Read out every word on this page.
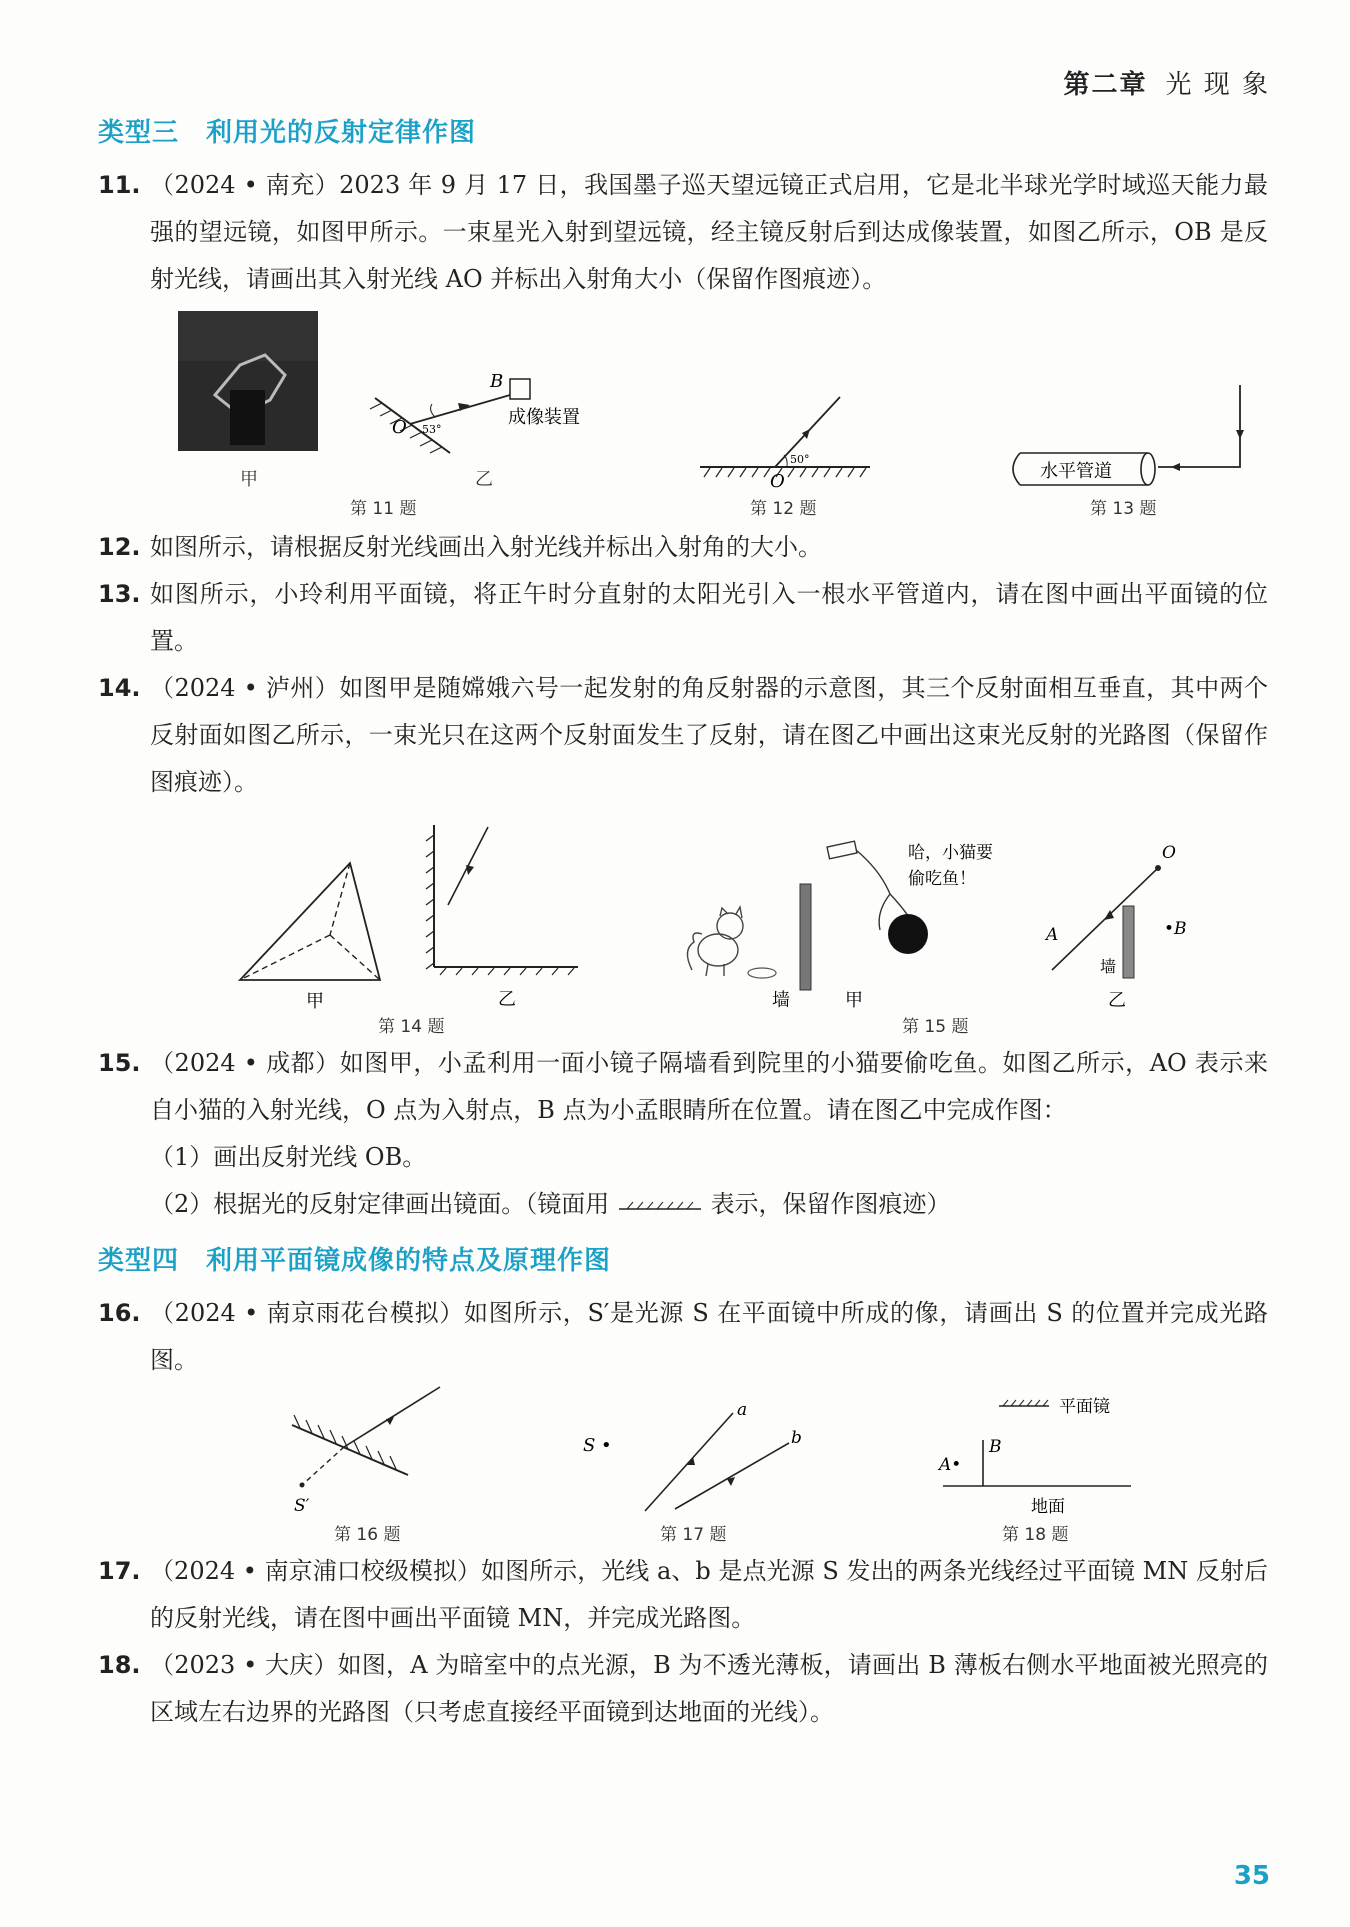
第二章 光 现 象
类型三　利用光的反射定律作图
11. （2024 • 南充）2023 年 9 月 17 日，我国墨子巡天望远镜正式启用，它是北半球光学时域巡天能力最强的望远镜，如图甲所示。一束星光入射到望远镜，经主镜反射后到达成像装置，如图乙所示，OB 是反射光线，请画出其入射光线 AO 并标出入射角大小（保留作图痕迹）。
甲
B
O 53°
成像装置
乙
第 11 题
50°
O
第 12 题
水平管道
第 13 题
12. 如图所示，请根据反射光线画出入射光线并标出入射角的大小。
13. 如图所示，小玲利用平面镜，将正午时分直射的太阳光引入一根水平管道内，请在图中画出平面镜的位置。
14. （2024 • 泸州）如图甲是随嫦娥六号一起发射的角反射器的示意图，其三个反射面相互垂直，其中两个反射面如图乙所示，一束光只在这两个反射面发生了反射，请在图乙中画出这束光反射的光路图（保留作图痕迹）。
甲	乙
第 14 题
墙
哈，小猫要
偷吃鱼！
甲
O
A
墙
•B
乙
第 15 题
15. （2024 • 成都）如图甲，小孟利用一面小镜子隔墙看到院里的小猫要偷吃鱼。如图乙所示，AO 表示来自小猫的入射光线，O 点为入射点，B 点为小孟眼睛所在位置。请在图乙中完成作图：
（1）画出反射光线 OB。
（2）根据光的反射定律画出镜面。（镜面用	表示，保留作图痕迹）
类型四　利用平面镜成像的特点及原理作图
16. （2024 • 南京雨花台模拟）如图所示，S′是光源 S 在平面镜中所成的像，请画出 S 的位置并完成光路图。
S′
第 16 题
S •
a
b
第 17 题
平面镜
B
A•
地面
第 18 题
17. （2024 • 南京浦口校级模拟）如图所示，光线 a、b 是点光源 S 发出的两条光线经过平面镜 MN 反射后的反射光线，请在图中画出平面镜 MN，并完成光路图。
18. （2023 • 大庆）如图，A 为暗室中的点光源，B 为不透光薄板，请画出 B 薄板右侧水平地面被光照亮的区域左右边界的光路图（只考虑直接经平面镜到达地面的光线）。
35
